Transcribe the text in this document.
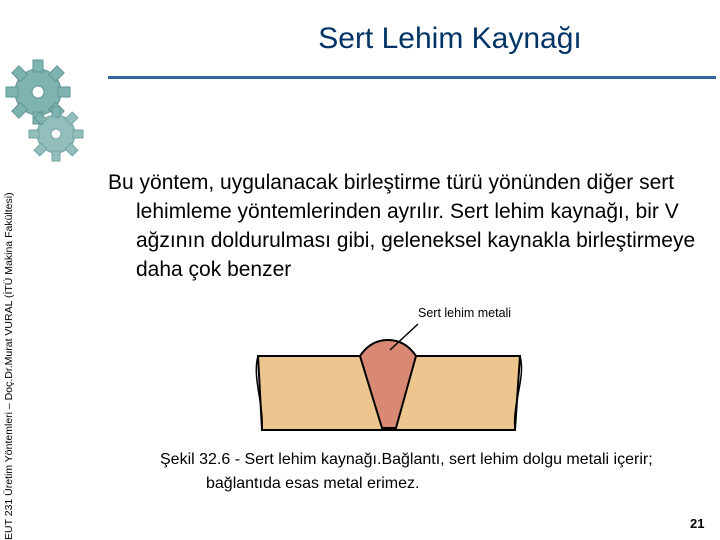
EUT 231 Üretim Yöntemleri – Doç.Dr.Murat VURAL (İTÜ Makina Fakültesi)
Sert Lehim Kaynağı
Bu yöntem, uygulanacak birleştirme türü yönünden diğer sert lehimleme yöntemlerinden ayrılır. Sert lehim kaynağı, bir V ağzının doldurulması gibi, geleneksel kaynakla birleştirmeye daha çok benzer
Sert lehim metali
Şekil 32.6 ‑ Sert lehim kaynağı.Bağlantı, sert lehim dolgu metali içerir; bağlantıda esas metal erimez.
21
